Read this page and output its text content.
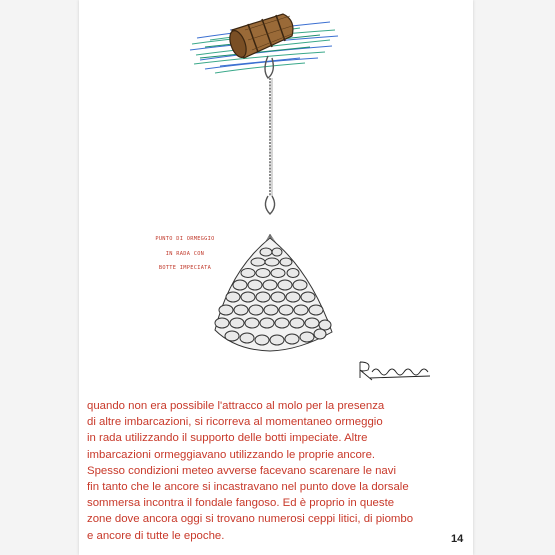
PUNTO DI ORMEGGIO

IN RADA CON

BOTTE IMPECIATA

quando non era possibile l'attracco al molo per la presenza
di altre imbarcazioni, si ricorreva al momentaneo ormeggio
in rada utilizzando il supporto delle botti impeciate. Altre
imbarcazioni ormeggiavano utilizzando le proprie ancore.
Spesso condizioni meteo avverse facevano scarenare le navi
fin tanto che le ancore si incastravano nel punto dove la dorsale
sommersa incontra il fondale fangoso. Ed è proprio in queste
zone dove ancora oggi si trovano numerosi ceppi litici, di piombo
e ancore di tutte le epoche.	14
